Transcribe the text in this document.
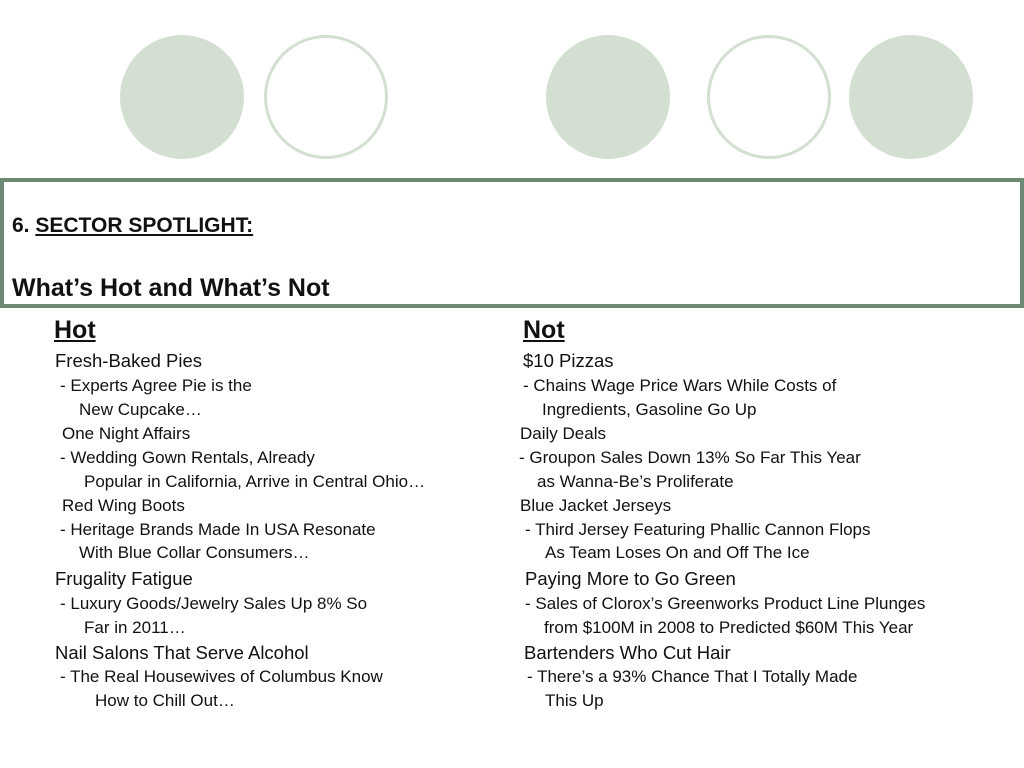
6. SECTOR SPOTLIGHT:
What’s Hot and What’s Not
Hot
Fresh-Baked Pies
- Experts Agree Pie is the
New Cupcake…
One Night Affairs
- Wedding Gown Rentals, Already
Popular in California, Arrive in Central Ohio…
Red Wing Boots
- Heritage Brands Made In USA Resonate
With Blue Collar Consumers…
Frugality Fatigue
- Luxury Goods/Jewelry Sales Up 8% So
Far in 2011…
Nail Salons That Serve Alcohol
- The Real Housewives of Columbus Know
How to Chill Out…
Not
$10 Pizzas
- Chains Wage Price Wars While Costs of
Ingredients, Gasoline Go Up
Daily Deals
- Groupon Sales Down 13% So Far This Year
as Wanna-Be’s Proliferate
Blue Jacket Jerseys
- Third Jersey Featuring Phallic Cannon Flops
As Team Loses On and Off The Ice
Paying More to Go Green
- Sales of Clorox’s Greenworks Product Line Plunges
from $100M in 2008 to Predicted $60M This Year
Bartenders Who Cut Hair
- There’s a 93% Chance That I Totally Made
This Up
